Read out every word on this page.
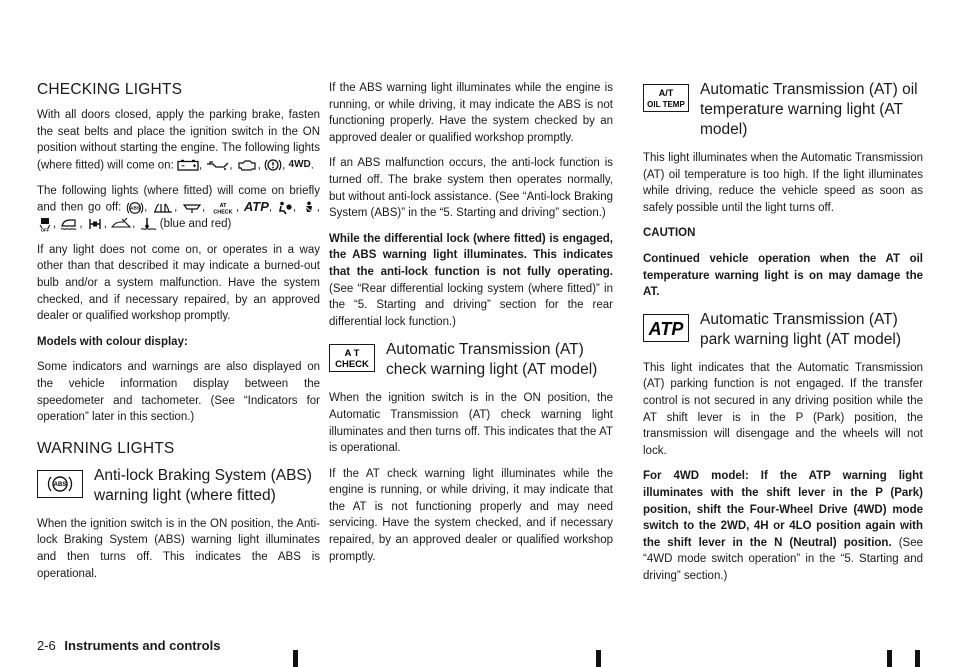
CHECKING LIGHTS

With all doors closed, apply the parking brake, fasten the seat belts and place the ignition switch in the ON position without starting the engine. The following lights (where fitted) will come on: ,
,
,
, 4WD.

The following lights (where fitted) will come on briefly and then go off: ABS ,
,
, AT
CHECK , ATP,
,
,
OFF ,
,
,
,
(blue and red)

If any light does not come on, or operates in a way other than that described it may indicate a burned-out bulb and/or a system malfunction. Have the system checked, and if necessary repaired, by an approved dealer or qualified workshop promptly.

Models with colour display:

Some indicators and warnings are also displayed on the vehicle information display between the speedometer and tachometer. (See “Indicators for operation” later in this section.)

WARNING LIGHTS
ABS
Anti-lock Braking System (ABS) warning light (where fitted)

When the ignition switch is in the ON position, the Anti-lock Braking System (ABS) warning light illuminates and then turns off. This indicates the ABS is operational.

If the ABS warning light illuminates while the engine is running, or while driving, it may indicate the ABS is not functioning properly. Have the system checked by an approved dealer or qualified workshop promptly.

If an ABS malfunction occurs, the anti-lock function is turned off. The brake system then operates normally, but without anti-lock assistance. (See “Anti-lock Braking System (ABS)” in the “5. Starting and driving” section.)

While the differential lock (where fitted) is engaged, the ABS warning light illuminates. This indicates that the anti-lock function is not fully operating. (See “Rear differential locking system (where fitted)” in the “5. Starting and driving” section for the rear differential lock function.)

A T
CHECK
Automatic Transmission (AT) check warning light (AT model)

When the ignition switch is in the ON position, the Automatic Transmission (AT) check warning light illuminates and then turns off. This indicates that the AT is operational.

If the AT check warning light illuminates while the engine is running, or while driving, it may indicate that the AT is not functioning properly and may need servicing. Have the system checked, and if necessary repaired, by an approved dealer or qualified workshop promptly.

A/T
OIL TEMP
Automatic Transmission (AT) oil temperature warning light (AT model)

This light illuminates when the Automatic Transmission (AT) oil temperature is too high. If the light illuminates while driving, reduce the vehicle speed as soon as safely possible until the light turns off.

CAUTION

Continued vehicle operation when the AT oil temperature warning light is on may damage the AT.

ATP Automatic Transmission (AT) park warning light (AT model)

This light indicates that the Automatic Transmission (AT) parking function is not engaged. If the transfer control is not secured in any driving position while the AT shift lever is in the P (Park) position, the transmission will disengage and the wheels will not lock.

For 4WD model: If the ATP warning light illuminates with the shift lever in the P (Park) position, shift the Four-Wheel Drive (4WD) mode switch to the 2WD, 4H or 4LO position again with the shift lever in the N (Neutral) position. (See “4WD mode switch operation” in the “5. Starting and driving” section.)

2-6 Instruments and controls
